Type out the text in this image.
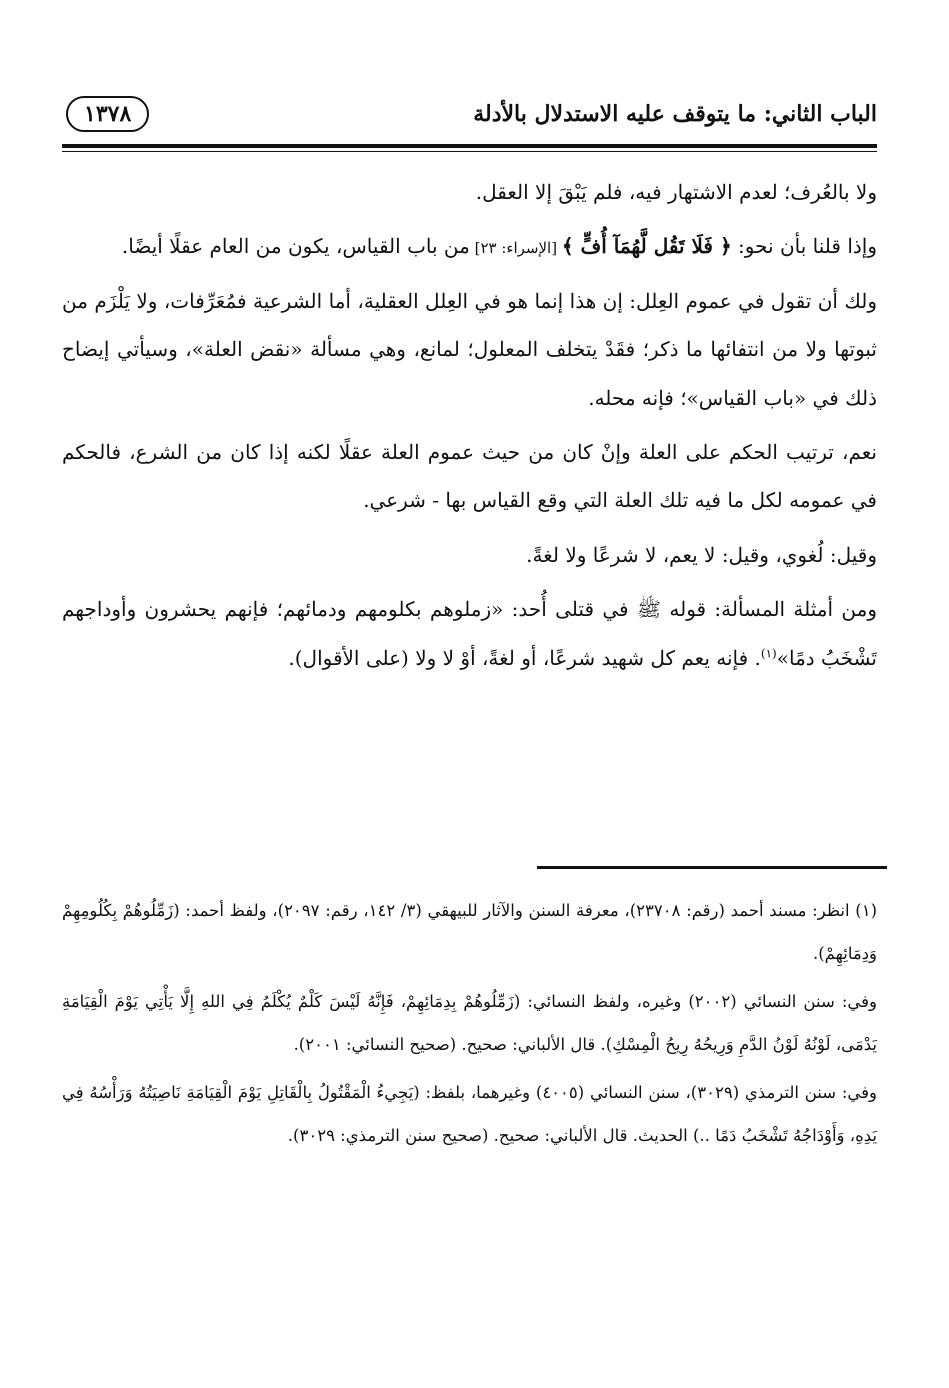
الباب الثاني: ما يتوقف عليه الاستدلال بالأدلة
١٣٧٨

ولا بالعُرف؛ لعدم الاشتهار فيه، فلم يَبْقَ إلا العقل.

وإذا قلنا بأن نحو: ﴿ فَلَا تَقُل لَّهُمَآ أُفٍّ ﴾ [الإسراء: ٢٣] من باب القياس، يكون من العام عقلًا أيضًا.

ولك أن تقول في عموم العِلل: إن هذا إنما هو في العِلل العقلية، أما الشرعية فمُعَرِّفات، ولا يَلْزَم من ثبوتها ولا من انتفائها ما ذكر؛ فقَدْ يتخلف المعلول؛ لمانع، وهي مسألة «نقض العلة»، وسيأتي إيضاح ذلك في «باب القياس»؛ فإنه محله.

نعم، ترتيب الحكم على العلة وإنْ كان من حيث عموم العلة عقلًا لكنه إذا كان من الشرع، فالحكم في عمومه لكل ما فيه تلك العلة التي وقع القياس بها - شرعي.

وقيل: لُغوي، وقيل: لا يعم، لا شرعًا ولا لغةً.

ومن أمثلة المسألة: قوله ﷺ في قتلى أُحد: «زملوهم بكلومهم ودمائهم؛ فإنهم يحشرون وأوداجهم تَشْخَبُ دمًا»$^{(١)}$. فإنه يعم كل شهيد شرعًا، أو لغةً، أوْ لا ولا (على الأقوال).

(١) انظر: مسند أحمد (رقم: ٢٣٧٠٨)، معرفة السنن والآثار للبيهقي (٣/ ١٤٢، رقم: ٢٠٩٧)، ولفظ أحمد: (زَمِّلُوهُمْ بِكُلُومِهِمْ وَدِمَائِهِمْ).

وفي: سنن النسائي (٢٠٠٢) وغيره، ولفظ النسائي: (زَمِّلُوهُمْ بِدِمَائِهِمْ، فَإِنَّهُ لَيْسَ كَلْمٌ يُكْلَمُ فِي اللهِ إِلَّا يَأْتِي يَوْمَ الْقِيَامَةِ يَدْمَى، لَوْنُهُ لَوْنُ الدَّمِ وَرِيحُهُ رِيحُ الْمِسْكِ). قال الألباني: صحيح. (صحيح النسائي: ٢٠٠١).

وفي: سنن الترمذي (٣٠٢٩)، سنن النسائي (٤٠٠٥) وغيرهما، بلفظ: (يَجِيءُ الْمَقْتُولُ بِالْقَاتِلِ يَوْمَ الْقِيَامَةِ نَاصِيَتُهُ وَرَأْسُهُ فِي يَدِهِ، وَأَوْدَاجُهُ تَشْخَبُ دَمًا ..) الحديث. قال الألباني: صحيح. (صحيح سنن الترمذي: ٣٠٢٩).
